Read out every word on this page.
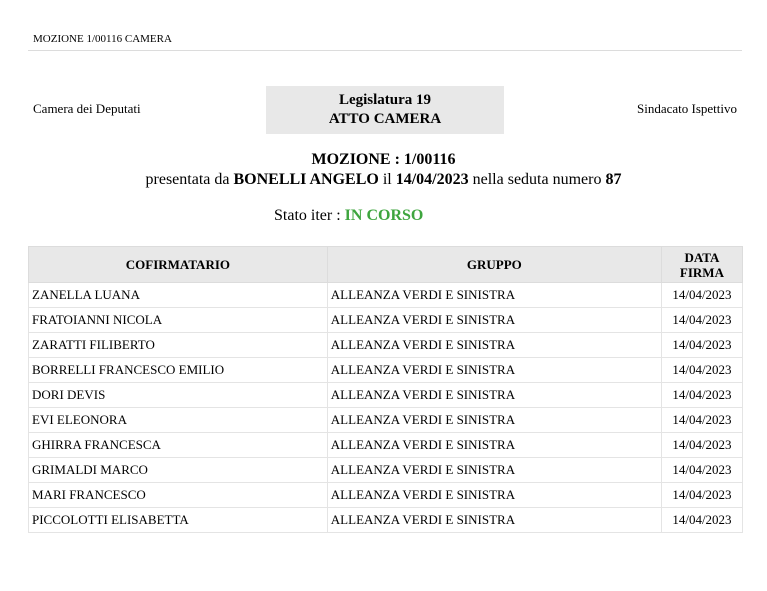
MOZIONE 1/00116 CAMERA
Camera dei Deputati
Legislatura 19
ATTO CAMERA
Sindacato Ispettivo
MOZIONE : 1/00116
presentata da BONELLI ANGELO il 14/04/2023 nella seduta numero 87
Stato iter : IN CORSO
COFIRMATARIO	GRUPPO	DATA FIRMA
ZANELLA LUANA	ALLEANZA VERDI E SINISTRA	14/04/2023
FRATOIANNI NICOLA	ALLEANZA VERDI E SINISTRA	14/04/2023
ZARATTI FILIBERTO	ALLEANZA VERDI E SINISTRA	14/04/2023
BORRELLI FRANCESCO EMILIO	ALLEANZA VERDI E SINISTRA	14/04/2023
DORI DEVIS	ALLEANZA VERDI E SINISTRA	14/04/2023
EVI ELEONORA	ALLEANZA VERDI E SINISTRA	14/04/2023
GHIRRA FRANCESCA	ALLEANZA VERDI E SINISTRA	14/04/2023
GRIMALDI MARCO	ALLEANZA VERDI E SINISTRA	14/04/2023
MARI FRANCESCO	ALLEANZA VERDI E SINISTRA	14/04/2023
PICCOLOTTI ELISABETTA	ALLEANZA VERDI E SINISTRA	14/04/2023
